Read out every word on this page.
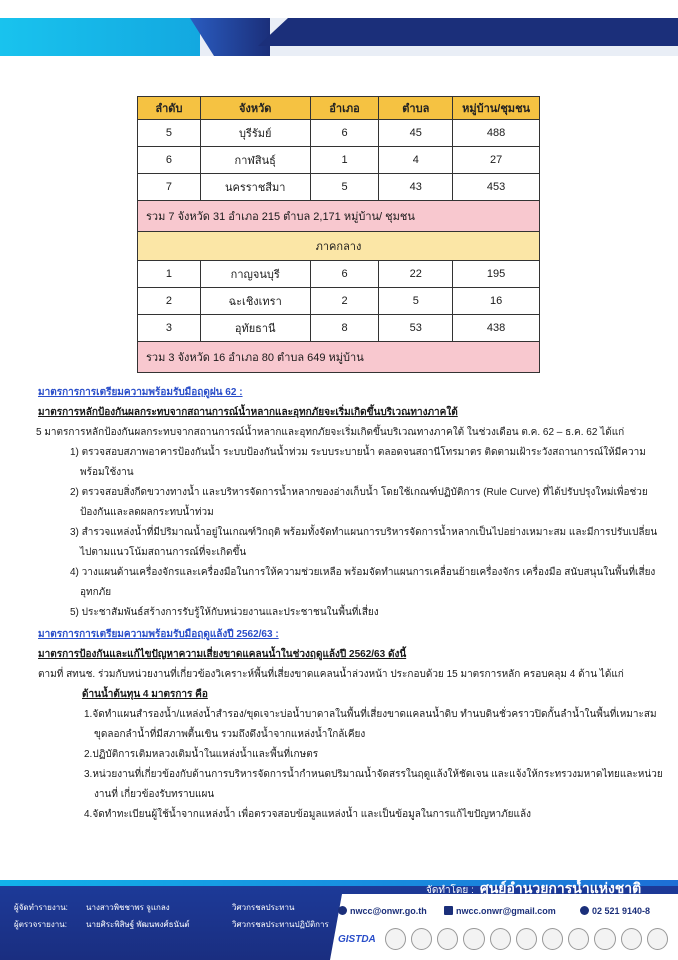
ลำดับ	จังหวัด	อำเภอ	ตำบล	หมู่บ้าน/ชุมชน
5	บุรีรัมย์	6	45	488
6	กาฬสินธุ์	1	4	27
7	นครราชสีมา	5	43	453
รวม 7 จังหวัด 31 อำเภอ 215 ตำบล 2,171 หมู่บ้าน/ ชุมชน				
ภาคกลาง				
1	กาญจนบุรี	6	22	195
2	ฉะเชิงเทรา	2	5	16
3	อุทัยธานี	8	53	438
รวม 3 จังหวัด 16 อำเภอ 80 ตำบล 649 หมู่บ้าน				
มาตรการการเตรียมความพร้อมรับมือฤดูฝน 62 :
มาตรการหลักป้องกันผลกระทบจากสถานการณ์น้ำหลากและอุทกภัยจะเริ่มเกิดขึ้นบริเวณทางภาคใต้
5 มาตรการหลักป้องกันผลกระทบจากสถานการณ์น้ำหลากและอุทกภัยจะเริ่มเกิดขึ้นบริเวณทางภาคใต้ ในช่วงเดือน ต.ค. 62 – ธ.ค. 62 ได้แก่
1) ตรวจสอบสภาพอาคารป้องกันน้ำ ระบบป้องกันน้ำท่วม ระบบระบายน้ำ ตลอดจนสถานีโทรมาตร ติดตามเฝ้าระวังสถานการณ์ให้มีความพร้อมใช้งาน
2) ตรวจสอบสิ่งกีดขวางทางน้ำ และบริหารจัดการน้ำหลากของอ่างเก็บน้ำ โดยใช้เกณฑ์ปฏิบัติการ (Rule Curve) ที่ได้ปรับปรุงใหม่เพื่อช่วยป้องกันและลดผลกระทบน้ำท่วม
3) สำรวจแหล่งน้ำที่มีปริมาณน้ำอยู่ในเกณฑ์วิกฤติ พร้อมทั้งจัดทำแผนการบริหารจัดการน้ำหลากเป็นไปอย่างเหมาะสม และมีการปรับเปลี่ยนไปตามแนวโน้มสถานการณ์ที่จะเกิดขึ้น
4) วางแผนด้านเครื่องจักรและเครื่องมือในการให้ความช่วยเหลือ พร้อมจัดทำแผนการเคลื่อนย้ายเครื่องจักร เครื่องมือ สนับสนุนในพื้นที่เสี่ยงอุทกภัย
5) ประชาสัมพันธ์สร้างการรับรู้ให้กับหน่วยงานและประชาชนในพื้นที่เสี่ยง
มาตรการการเตรียมความพร้อมรับมือฤดูแล้งปี 2562/63 :
มาตรการป้องกันและแก้ไขปัญหาความเสี่ยงขาดแคลนน้ำในช่วงฤดูแล้งปี 2562/63 ดังนี้
ตามที่ สทนช. ร่วมกับหน่วยงานที่เกี่ยวข้องวิเคราะห์พื้นที่เสี่ยงขาดแคลนน้ำล่วงหน้า ประกอบด้วย 15 มาตรการหลัก ครอบคลุม 4 ด้าน ได้แก่
ด้านน้ำต้นทุน 4 มาตรการ คือ
1.จัดทำแผนสำรองน้ำ/แหล่งน้ำสำรอง/ขุดเจาะบ่อน้ำบาดาลในพื้นที่เสี่ยงขาดแคลนน้ำดิบ ทำนบดินชั่วคราวปิดกั้นลำน้ำในพื้นที่เหมาะสม ขุดลอกลำน้ำที่มีสภาพตื้นเขิน รวมถึงดึงน้ำจากแหล่งน้ำใกล้เคียง
2.ปฏิบัติการเติมหลวงเติมน้ำในแหล่งน้ำและพื้นที่เกษตร
3.หน่วยงานที่เกี่ยวข้องกับด้านการบริหารจัดการน้ำกำหนดปริมาณน้ำจัดสรรในฤดูแล้งให้ชัดเจน และแจ้งให้กระทรวงมหาดไทยและหน่วยงานที่ เกี่ยวข้องรับทราบแผน
4.จัดทำทะเบียนผู้ใช้น้ำจากแหล่งน้ำ เพื่อตรวจสอบข้อมูลแหล่งน้ำ และเป็นข้อมูลในการแก้ไขปัญหาภัยแล้ง
ผู้จัดทำรายงาน: นางสาวพิชชาพร จูแกลง	วิศวกรชลประทาน
ผู้ตรวจรายงาน: นายศิระพิสิษฐ์ พัฒนพงศ์ธนันต์	วิศวกรชลประทานปฏิบัติการ
จัดทำโดย : ศูนย์อำนวยการน้ำแห่งชาติ
nwcc@onwr.go.th	nwcc.onwr@gmail.com	02 521 9140-8
GISTDA
